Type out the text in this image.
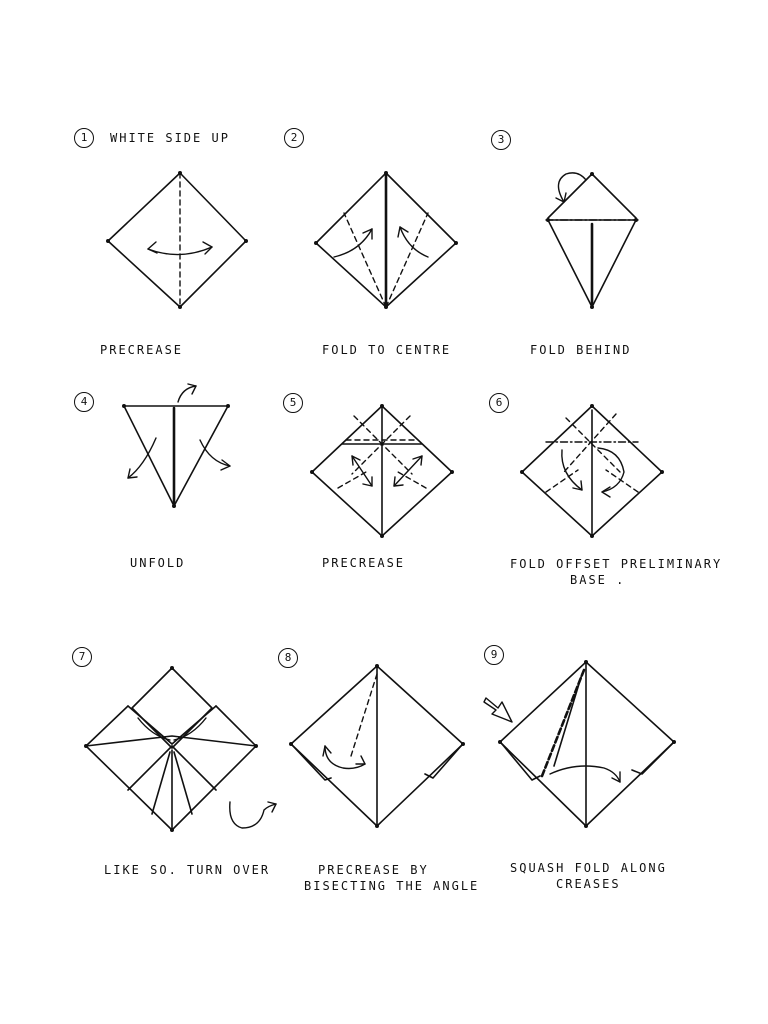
1	WHITE SIDE UP
PRECREASE
2
FOLD TO CENTRE
3
FOLD BEHIND
4
UNFOLD
5
PRECREASE
6
FOLD OFFSET PRELIMINARY
BASE .
7
LIKE SO. TURN OVER
8
PRECREASE BY
BISECTING THE ANGLE
9
SQUASH FOLD ALONG
CREASES
